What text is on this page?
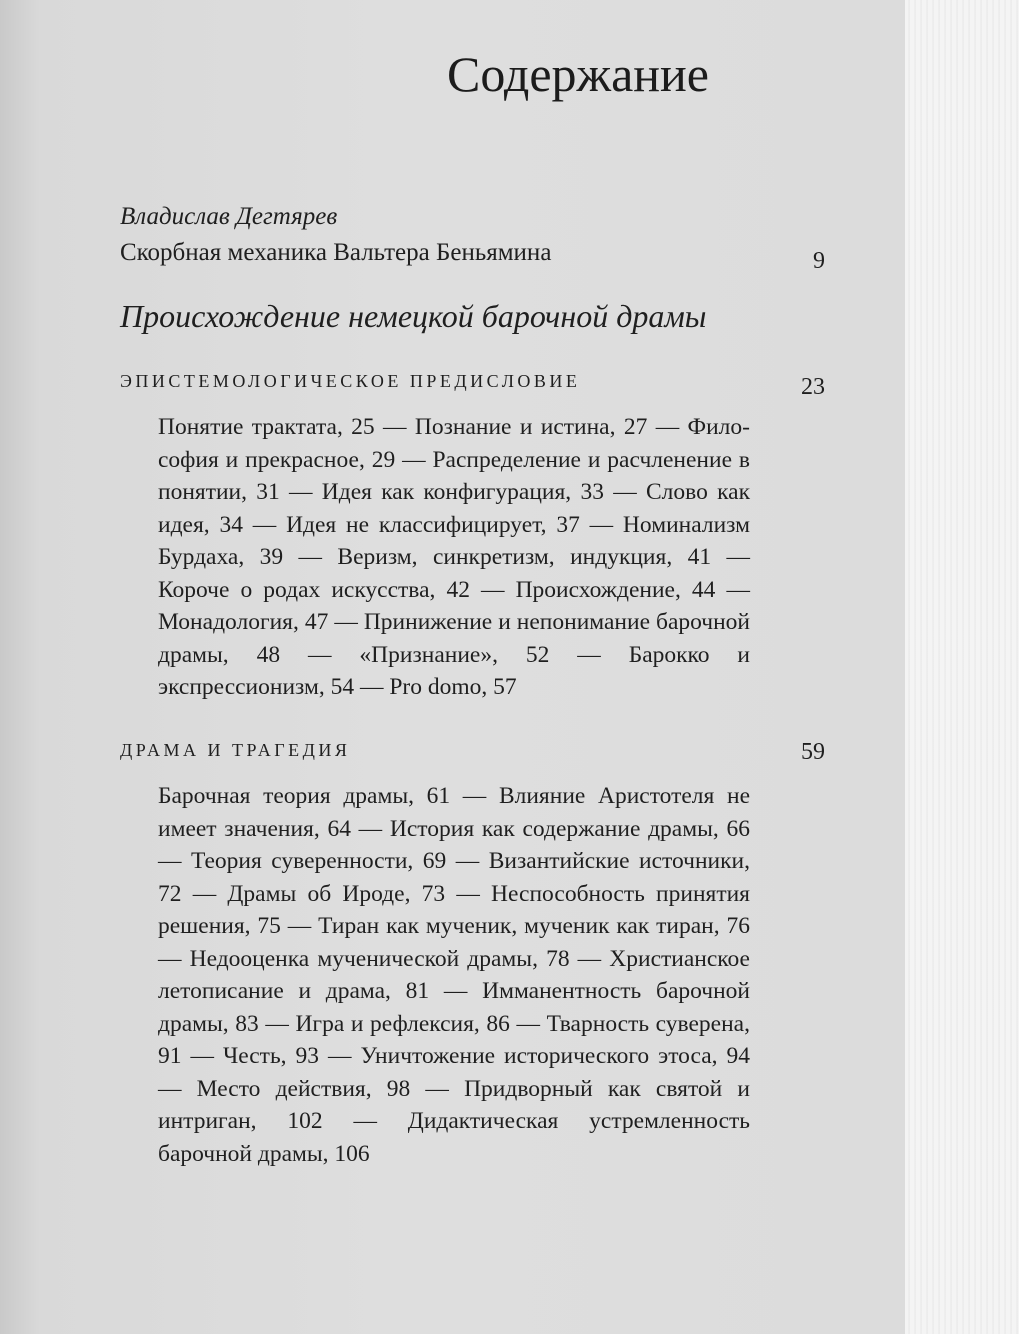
Содержание
Владислав Дегтярев
Скорбная механика Вальтера Беньямина	9
Происхождение немецкой барочной драмы
ЭПИСТЕМОЛОГИЧЕСКОЕ ПРЕДИСЛОВИЕ	23
Понятие трактата, 25 — Познание и истина, 27 — Философия и прекрасное, 29 — Распределение и расчленение в понятии, 31 — Идея как конфигурация, 33 — Слово как идея, 34 — Идея не классифицирует, 37 — Номинализм Бурдаха, 39 — Веризм, синкретизм, индукция, 41 — Короче о родах искусства, 42 — Происхождение, 44 — Монадология, 47 — Принижение и непонимание барочной драмы, 48 — «Признание», 52 — Барокко и экспрессионизм, 54 — Pro domo, 57
ДРАМА И ТРАГЕДИЯ	59
Барочная теория драмы, 61 — Влияние Аристотеля не имеет значения, 64 — История как содержание драмы, 66 — Теория суверенности, 69 — Византийские источники, 72 — Драмы об Ироде, 73 — Неспособность принятия решения, 75 — Тиран как мученик, мученик как тиран, 76 — Недооценка мученической драмы, 78 — Христианское летописание и драма, 81 — Имманентность барочной драмы, 83 — Игра и рефлексия, 86 — Тварность суверена, 91 — Честь, 93 — Уничтожение исторического этоса, 94 — Место действия, 98 — Придворный как святой и интриган, 102 — Дидактическая устремленность барочной драмы, 106
